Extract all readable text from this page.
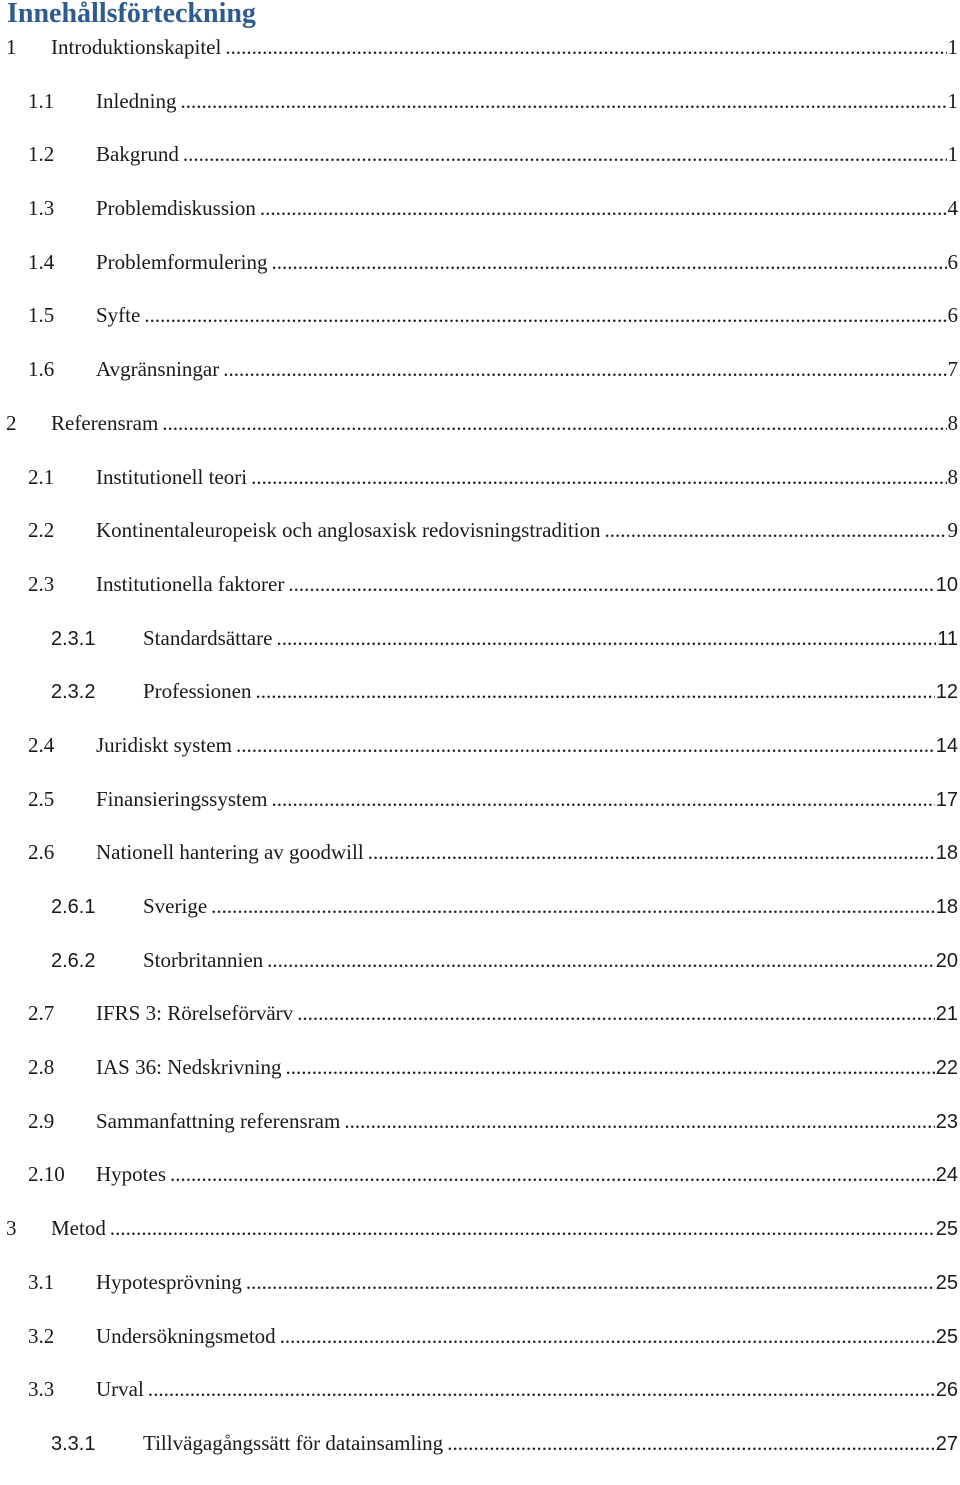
Innehållsförteckning
1	Introduktionskapitel .....	1
1.1	Inledning .....	1
1.2	Bakgrund .....	1
1.3	Problemdiskussion .....	4
1.4	Problemformulering .....	6
1.5	Syfte .....	6
1.6	Avgränsningar .....	7
2	Referensram .....	8
2.1	Institutionell teori .....	8
2.2	Kontinentaleuropeisk och anglosaxisk redovisningstradition .....	9
2.3	Institutionella faktorer .....	10
2.3.1	Standardsättare .....	11
2.3.2	Professionen .....	12
2.4	Juridiskt system .....	14
2.5	Finansieringssystem .....	17
2.6	Nationell hantering av goodwill .....	18
2.6.1	Sverige .....	18
2.6.2	Storbritannien .....	20
2.7	IFRS 3: Rörelseförvärv .....	21
2.8	IAS 36: Nedskrivning .....	22
2.9	Sammanfattning referensram .....	23
2.10	Hypotes .....	24
3	Metod .....	25
3.1	Hypotesprövning .....	25
3.2	Undersökningsmetod .....	25
3.3	Urval .....	26
3.3.1	Tillvägagångssätt för datainsamling .....	27
